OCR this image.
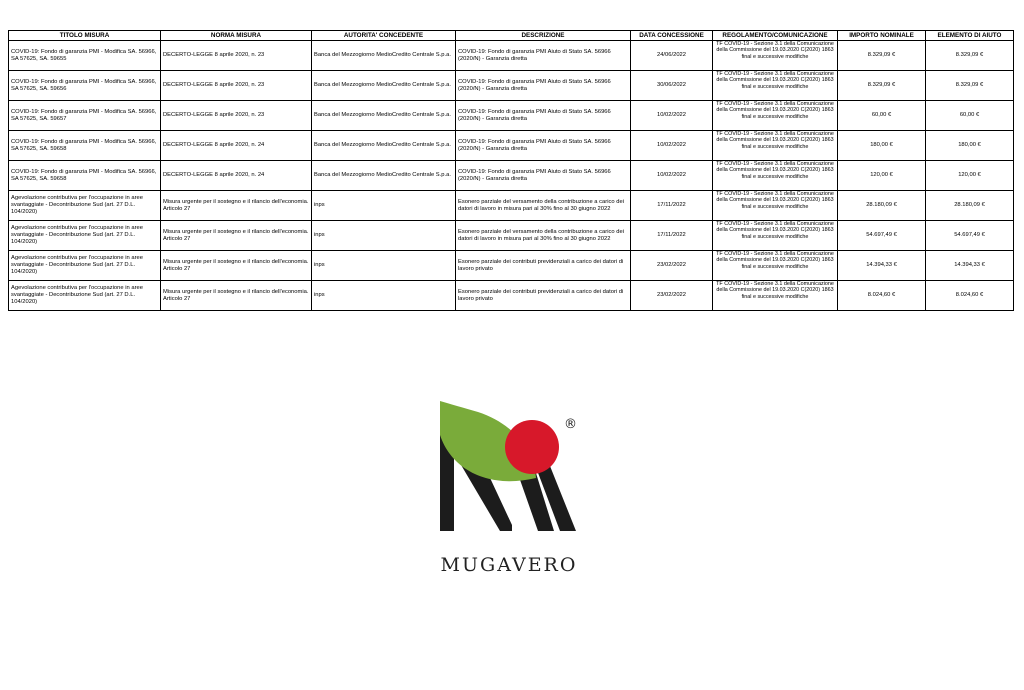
TITOLO MISURA	NORMA MISURA	AUTORITA' CONCEDENTE	DESCRIZIONE	DATA CONCESSIONE	REGOLAMENTO/COMUNICAZIONE	IMPORTO NOMINALE	ELEMENTO DI AIUTO
COVID-19: Fondo di garanzia PMI - Modifica SA. 56966, SA 57625, SA. 59655	DECERTO-LEGGE 8 aprile 2020, n. 23	Banca del Mezzogiorno MedioCredito Centrale S.p.a.	COVID-19: Fondo di garanzia PMI Aiuto di Stato SA. 56966 (2020/N) - Garanzia diretta	24/06/2022	TF COVID-19 - Sezione 3.1 della Comunicazione della Commissione del 19.03.2020 C(2020) 1863 final e successive modifiche	8.329,09 €	8.329,09 €
COVID-19: Fondo di garanzia PMI - Modifica SA. 56966, SA 57625, SA. 59656	DECERTO-LEGGE 8 aprile 2020, n. 23	Banca del Mezzogiorno MedioCredito Centrale S.p.a.	COVID-19: Fondo di garanzia PMI Aiuto di Stato SA. 56966 (2020/N) - Garanzia diretta	30/06/2022	TF COVID-19 - Sezione 3.1 della Comunicazione della Commissione del 19.03.2020 C(2020) 1863 final e successive modifiche	8.329,09 €	8.329,09 €
COVID-19: Fondo di garanzia PMI - Modifica SA. 56966, SA 57625, SA. 59657	DECERTO-LEGGE 8 aprile 2020, n. 23	Banca del Mezzogiorno MedioCredito Centrale S.p.a.	COVID-19: Fondo di garanzia PMI Aiuto di Stato SA. 56966 (2020/N) - Garanzia diretta	10/02/2022	TF COVID-19 - Sezione 3.1 della Comunicazione della Commissione del 19.03.2020 C(2020) 1863 final e successive modifiche	60,00 €	60,00 €
COVID-19: Fondo di garanzia PMI - Modifica SA. 56966, SA 57625, SA. 59658	DECERTO-LEGGE 8 aprile 2020, n. 24	Banca del Mezzogiorno MedioCredito Centrale S.p.a.	COVID-19: Fondo di garanzia PMI Aiuto di Stato SA. 56966 (2020/N) - Garanzia diretta	10/02/2022	TF COVID-19 - Sezione 3.1 della Comunicazione della Commissione del 19.03.2020 C(2020) 1863 final e successive modifiche	180,00 €	180,00 €
COVID-19: Fondo di garanzia PMI - Modifica SA. 56966, SA 57625, SA. 59658	DECERTO-LEGGE 8 aprile 2020, n. 24	Banca del Mezzogiorno MedioCredito Centrale S.p.a.	COVID-19: Fondo di garanzia PMI Aiuto di Stato SA. 56966 (2020/N) - Garanzia diretta	10/02/2022	TF COVID-19 - Sezione 3.1 della Comunicazione della Commissione del 19.03.2020 C(2020) 1863 final e successive modifiche	120,00 €	120,00 €
Agevolazione contributiva per l'occupazione in aree svantaggiate - Decontribuzione Sud (art. 27 D.L. 104/2020)	Misura urgente per il sostegno e il rilancio dell'economia. Articolo 27	inps	Esonero parziale del versamento della contribuzione a carico dei datori di lavoro in misura pari al 30% fino al 30 giugno 2022	17/11/2022	TF COVID-19 - Sezione 3.1 della Comunicazione della Commissione del 19.03.2020 C(2020) 1863 final e successive modifiche	28.180,09 €	28.180,09 €
Agevolazione contributiva per l'occupazione in aree svantaggiate - Decontribuzione Sud (art. 27 D.L. 104/2020)	Misura urgente per il sostegno e il rilancio dell'economia. Articolo 27	inps	Esonero parziale del versamento della contribuzione a carico dei datori di lavoro in misura pari al 30% fino al 30 giugno 2022	17/11/2022	TF COVID-19 - Sezione 3.1 della Comunicazione della Commissione del 19.03.2020 C(2020) 1863 final e successive modifiche	54.697,49 €	54.697,49 €
Agevolazione contributiva per l'occupazione in aree svantaggiate - Decontribuzione Sud (art. 27 D.L. 104/2020)	Misura urgente per il sostegno e il rilancio dell'economia. Articolo 27	inps	Esonero parziale dei contributi previdenziali a carico dei datori di lavoro privato	23/02/2022	TF COVID-19 - Sezione 3.1 della Comunicazione della Commissione del 19.03.2020 C(2020) 1863 final e successive modifiche	14.394,33 €	14.394,33 €
Agevolazione contributiva per l'occupazione in aree svantaggiate - Decontribuzione Sud (art. 27 D.L. 104/2020)	Misura urgente per il sostegno e il rilancio dell'economia. Articolo 27	inps	Esonero parziale dei contributi previdenziali a carico dei datori di lavoro privato	23/02/2022	TF COVID-19 - Sezione 3.1 della Comunicazione della Commissione del 19.03.2020 C(2020) 1863 final e successive modifiche	8.024,60 €	8.024,60 €
®
MUGAVERO
